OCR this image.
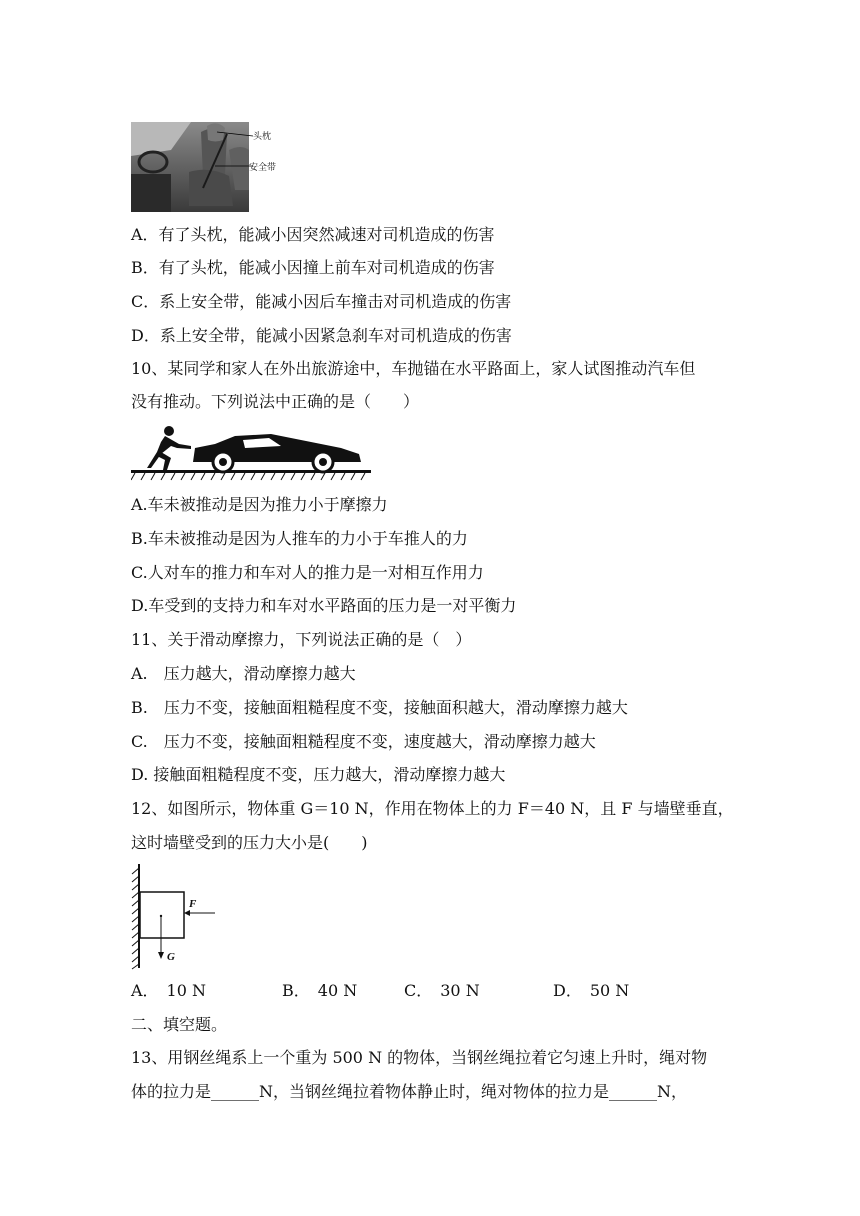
头枕
安全带
A．有了头枕，能减小因突然减速对司机造成的伤害
B．有了头枕，能减小因撞上前车对司机造成的伤害
C．系上安全带，能减小因后车撞击对司机造成的伤害
D．系上安全带，能减小因紧急刹车对司机造成的伤害
10、某同学和家人在外出旅游途中，车抛锚在水平路面上，家人试图推动汽车但
没有推动。下列说法中正确的是（　　）
A.车未被推动是因为推力小于摩擦力
B.车未被推动是因为人推车的力小于车推人的力
C.人对车的推力和车对人的推力是一对相互作用力
D.车受到的支持力和车对水平路面的压力是一对平衡力
11、关于滑动摩擦力，下列说法正确的是（　）
A.　压力越大，滑动摩擦力越大
B.　压力不变，接触面粗糙程度不变，接触面积越大，滑动摩擦力越大
C.　压力不变，接触面粗糙程度不变，速度越大，滑动摩擦力越大
D. 接触面粗糙程度不变，压力越大，滑动摩擦力越大
12、如图所示，物体重 G＝10 N，作用在物体上的力 F＝40 N，且 F 与墙壁垂直，
这时墙壁受到的压力大小是(　　)
F
G
A．　10 N	B．　40 N	C．　30 N	D．　50 N
二、填空题。
13、用钢丝绳系上一个重为 500 N 的物体，当钢丝绳拉着它匀速上升时，绳对物
体的拉力是______N，当钢丝绳拉着物体静止时，绳对物体的拉力是______N，
